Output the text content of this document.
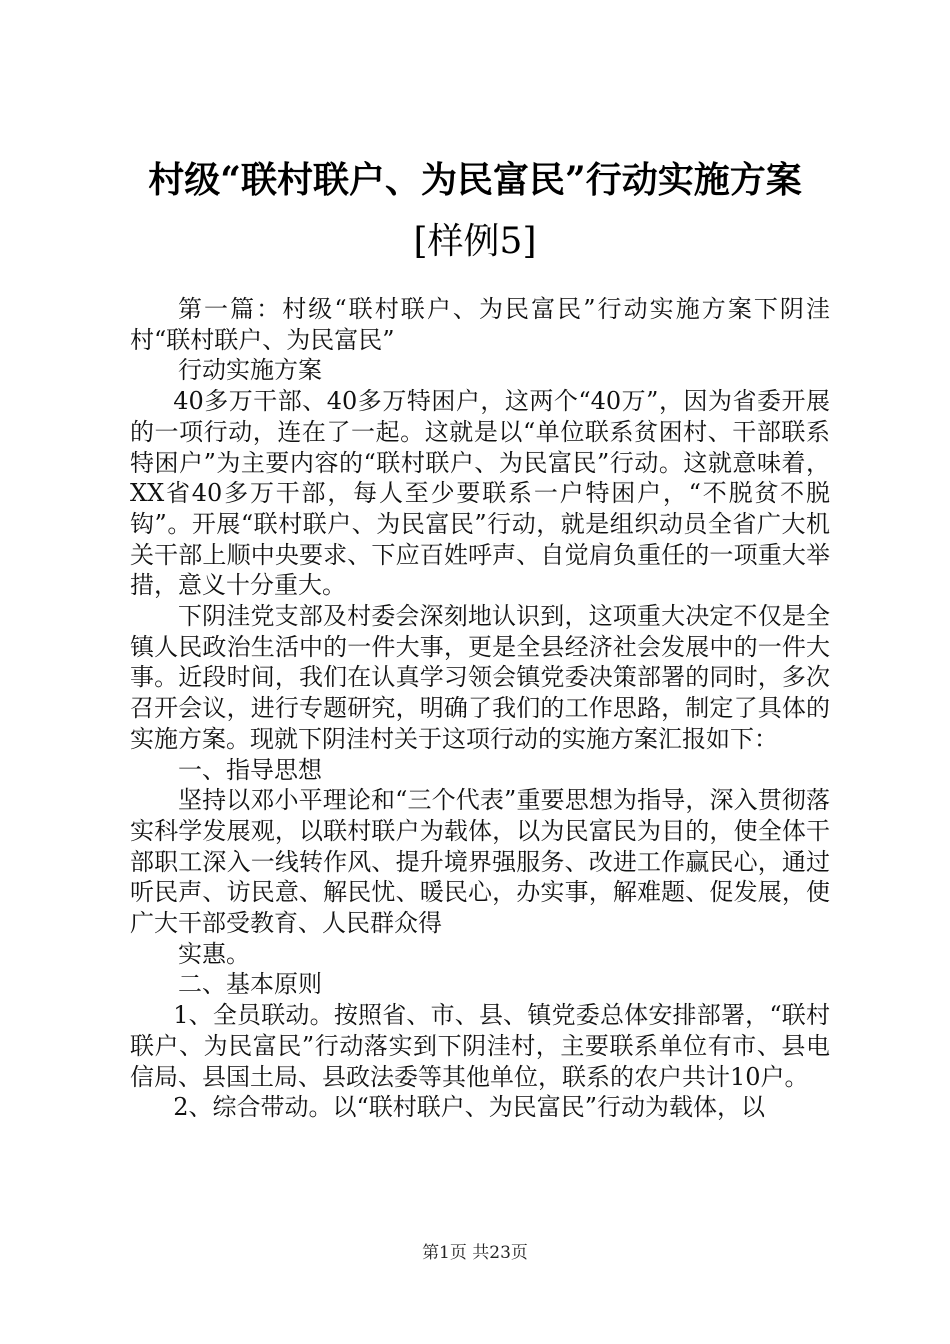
村级“联村联户、为民富民”行动实施方案
[样例5]

第一篇：村级“联村联户、为民富民”行动实施方案下阴洼村“联村联户、为民富民”

行动实施方案

40多万干部、40多万特困户，这两个“40万”，因为省委开展的一项行动，连在了一起。这就是以“单位联系贫困村、干部联系特困户”为主要内容的“联村联户、为民富民”行动。这就意味着，XX省40多万干部，每人至少要联系一户特困户，“不脱贫不脱钩”。开展“联村联户、为民富民”行动，就是组织动员全省广大机关干部上顺中央要求、下应百姓呼声、自觉肩负重任的一项重大举措，意义十分重大。

下阴洼党支部及村委会深刻地认识到，这项重大决定不仅是全镇人民政治生活中的一件大事，更是全县经济社会发展中的一件大事。近段时间，我们在认真学习领会镇党委决策部署的同时，多次召开会议，进行专题研究，明确了我们的工作思路，制定了具体的实施方案。现就下阴洼村关于这项行动的实施方案汇报如下：

一、指导思想

坚持以邓小平理论和“三个代表”重要思想为指导，深入贯彻落实科学发展观，以联村联户为载体，以为民富民为目的，使全体干部职工深入一线转作风、提升境界强服务、改进工作赢民心，通过听民声、访民意、解民忧、暖民心，办实事，解难题、促发展，使广大干部受教育、人民群众得

实惠。

二、基本原则

1、全员联动。按照省、市、县、镇党委总体安排部署，“联村联户、为民富民”行动落实到下阴洼村，主要联系单位有市、县电信局、县国土局、县政法委等其他单位，联系的农户共计10户。

2、综合带动。以“联村联户、为民富民”行动为载体，以

第1页 共23页
